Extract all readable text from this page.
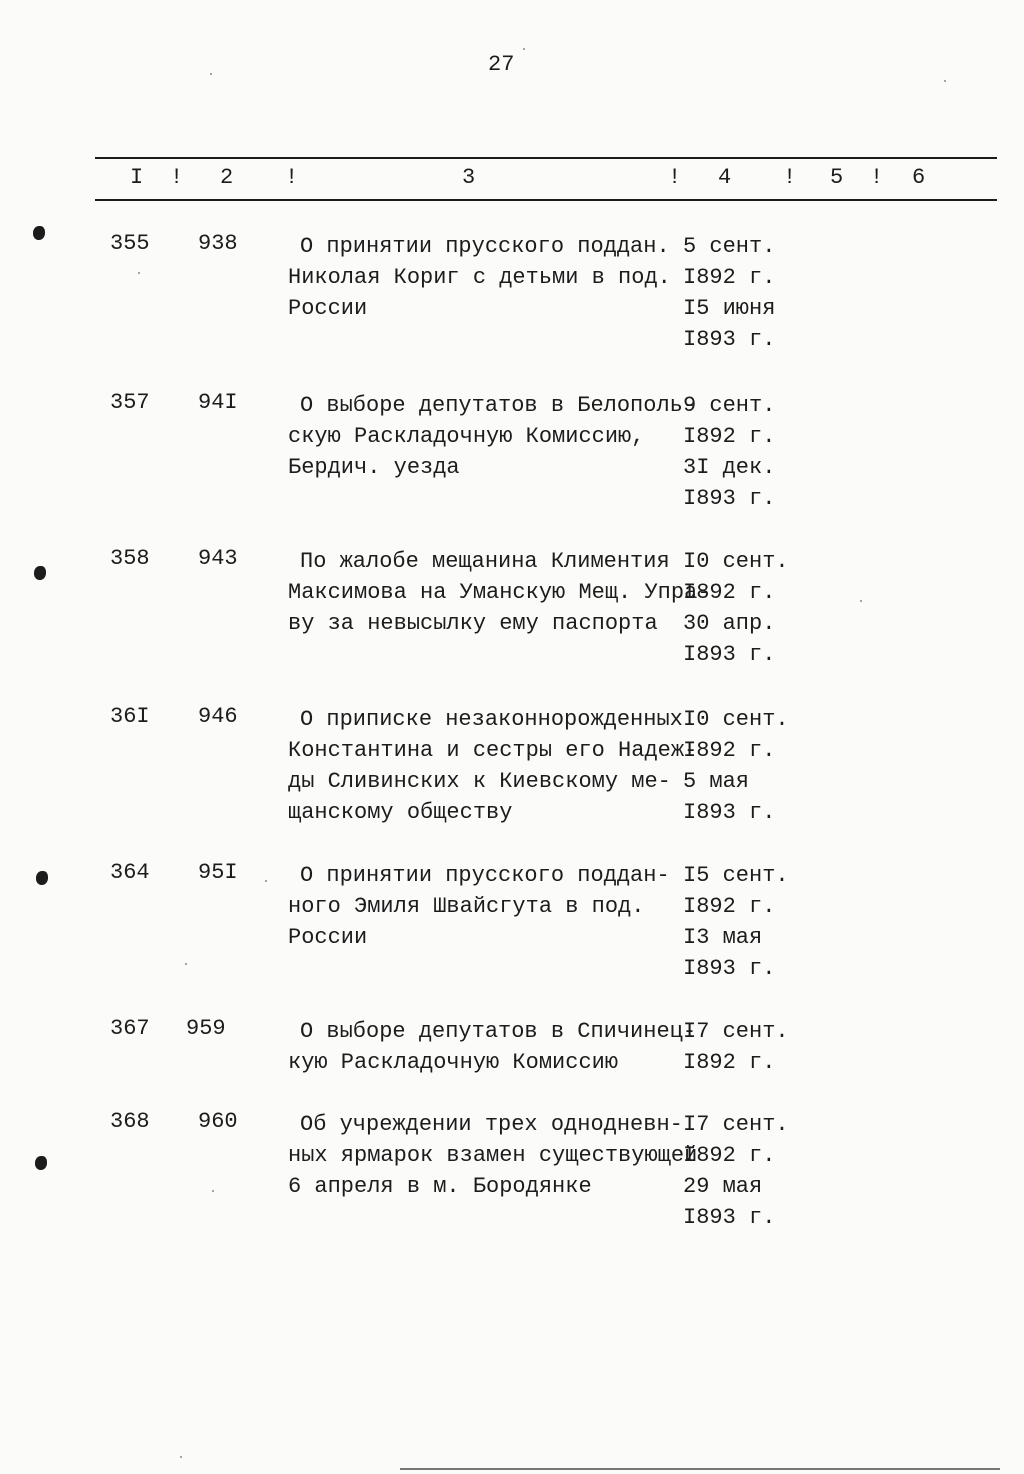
27
I ! 2 !	3	! 4 ! 5 ! 6
355 938	О принятии прусского поддан.
Николая Кориг с детьми в под.
России
5 сент.
I892 г.
I5 июня
I893 г.
357 94I	О выборе депутатов в Белополь-
скую Раскладочную Комиссию,
Бердич. уезда
9 сент.
I892 г.
3I дек.
I893 г.
358 943	По жалобе мещанина Климентия
Максимова на Уманскую Мещ. Упра-
ву за невысылку ему паспорта
I0 сент.
I892 г.
30 апр.
I893 г.
36I 946	О приписке незаконнорожденных
Константина и сестры его Надеж-
ды Сливинских к Киевскому ме-
щанскому обществу
I0 сент.
I892 г.
5 мая
I893 г.
364 95I	О принятии прусского поддан-
ного Эмиля Швайсгута в под.
России
I5 сент.
I892 г.
I3 мая
I893 г.
367 959	О выборе депутатов в Спичинец-
кую Раскладочную Комиссию
I7 сент.
I892 г.
368 960	Об учреждении трех однодневн-
ных ярмарок взамен существующей
6 апреля в м. Бородянке
I7 сент.
I892 г.
29 мая
I893 г.
